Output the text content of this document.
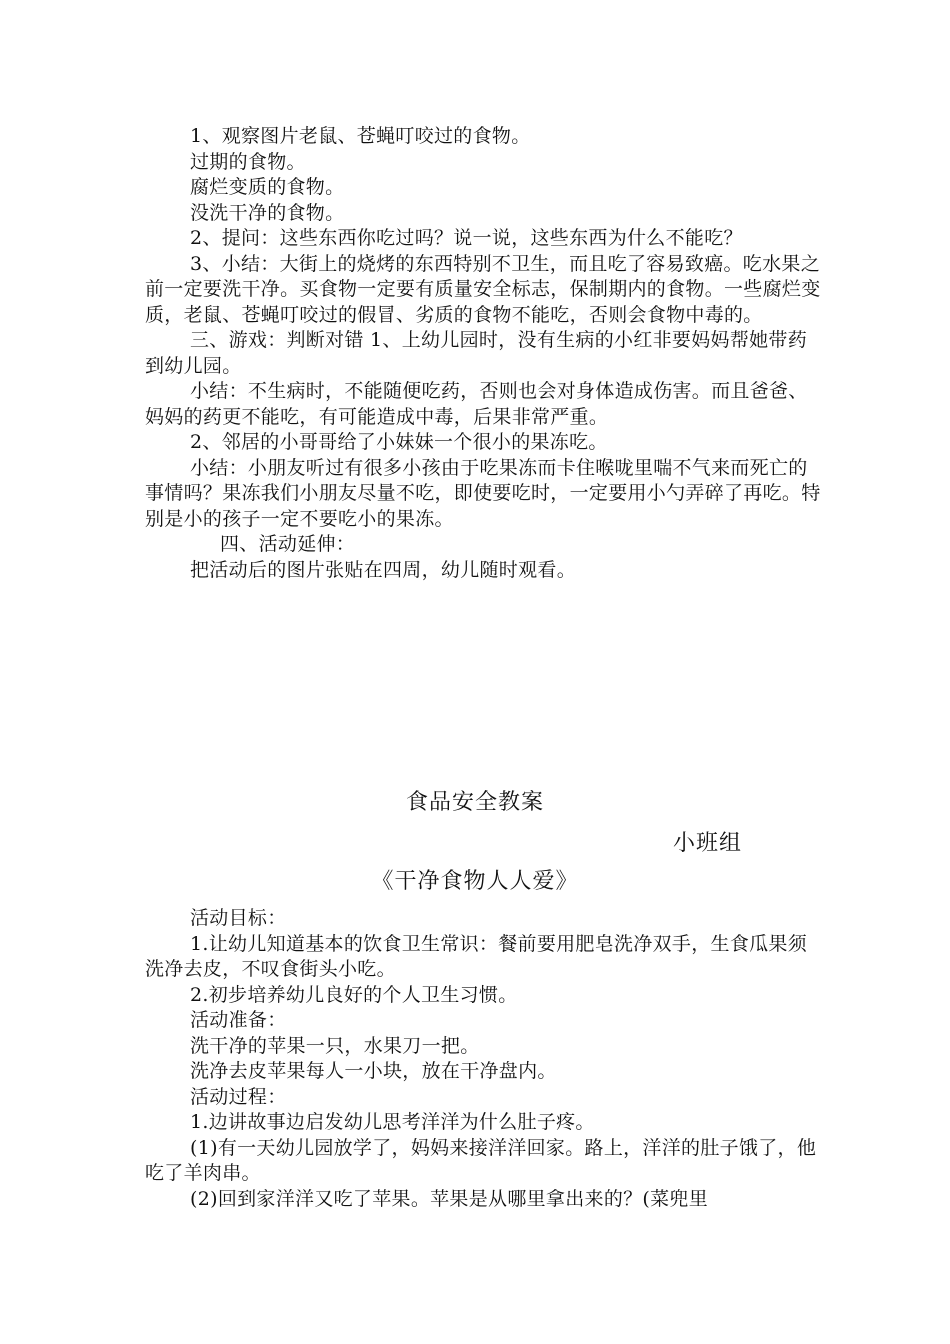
1、观察图片老鼠、苍蝇叮咬过的食物。

过期的食物。

腐烂变质的食物。

没洗干净的食物。

2、提问：这些东西你吃过吗？说一说，这些东西为什么不能吃？

3、小结：大街上的烧烤的东西特别不卫生，而且吃了容易致癌。吃水果之前一定要洗干净。买食物一定要有质量安全标志，保制期内的食物。一些腐烂变质，老鼠、苍蝇叮咬过的假冒、劣质的食物不能吃，否则会食物中毒的。

三、游戏：判断对错 1、上幼儿园时，没有生病的小红非要妈妈帮她带药到幼儿园。

小结：不生病时，不能随便吃药，否则也会对身体造成伤害。而且爸爸、妈妈的药更不能吃，有可能造成中毒，后果非常严重。

2、邻居的小哥哥给了小妹妹一个很小的果冻吃。

小结：小朋友听过有很多小孩由于吃果冻而卡住喉咙里喘不气来而死亡的事情吗？果冻我们小朋友尽量不吃，即使要吃时，一定要用小勺弄碎了再吃。特别是小的孩子一定不要吃小的果冻。

四、活动延伸：

把活动后的图片张贴在四周，幼儿随时观看。

食品安全教案
小班组
《干净食物人人爱》

活动目标：

1.让幼儿知道基本的饮食卫生常识：餐前要用肥皂洗净双手，生食瓜果须洗净去皮，不叹食街头小吃。

2.初步培养幼儿良好的个人卫生习惯。

活动准备：

洗干净的苹果一只，水果刀一把。

洗净去皮苹果每人一小块，放在干净盘内。

活动过程：

1.边讲故事边启发幼儿思考洋洋为什么肚子疼。

(1)有一天幼儿园放学了，妈妈来接洋洋回家。路上，洋洋的肚子饿了，他吃了羊肉串。

(2)回到家洋洋又吃了苹果。苹果是从哪里拿出来的？(菜兜里
